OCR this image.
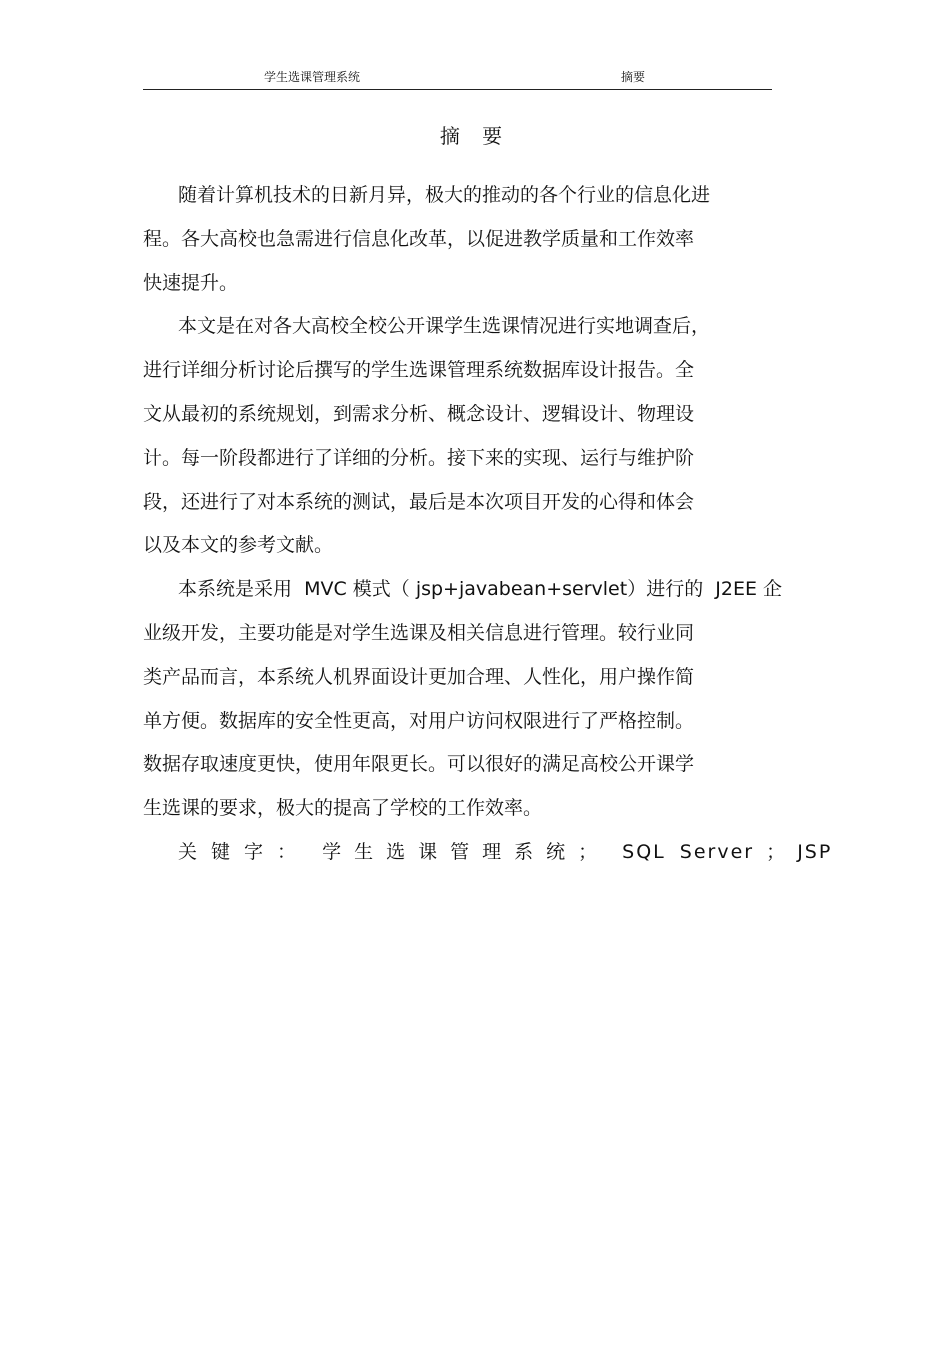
学生选课管理系统	摘要
摘 要
随着计算机技术的日新月异，极大的推动的各个行业的信息化进
程。各大高校也急需进行信息化改革，以促进教学质量和工作效率
快速提升。
本文是在对各大高校全校公开课学生选课情况进行实地调查后，
进行详细分析讨论后撰写的学生选课管理系统数据库设计报告。全
文从最初的系统规划，到需求分析、概念设计、逻辑设计、物理设
计。每一阶段都进行了详细的分析。接下来的实现、运行与维护阶
段，还进行了对本系统的测试，最后是本次项目开发的心得和体会
以及本文的参考文献。
本系统是采用  MVC 模式（ jsp+javabean+servlet）进行的  J2EE 企
业级开发，主要功能是对学生选课及相关信息进行管理。较行业同
类产品而言，本系统人机界面设计更加合理、人性化，用户操作简
单方便。数据库的安全性更高，对用户访问权限进行了严格控制。
数据存取速度更快，使用年限更长。可以很好的满足高校公开课学
生选课的要求，极大的提高了学校的工作效率。
关键字： 学生选课管理系统； SQL Server ； JSP
